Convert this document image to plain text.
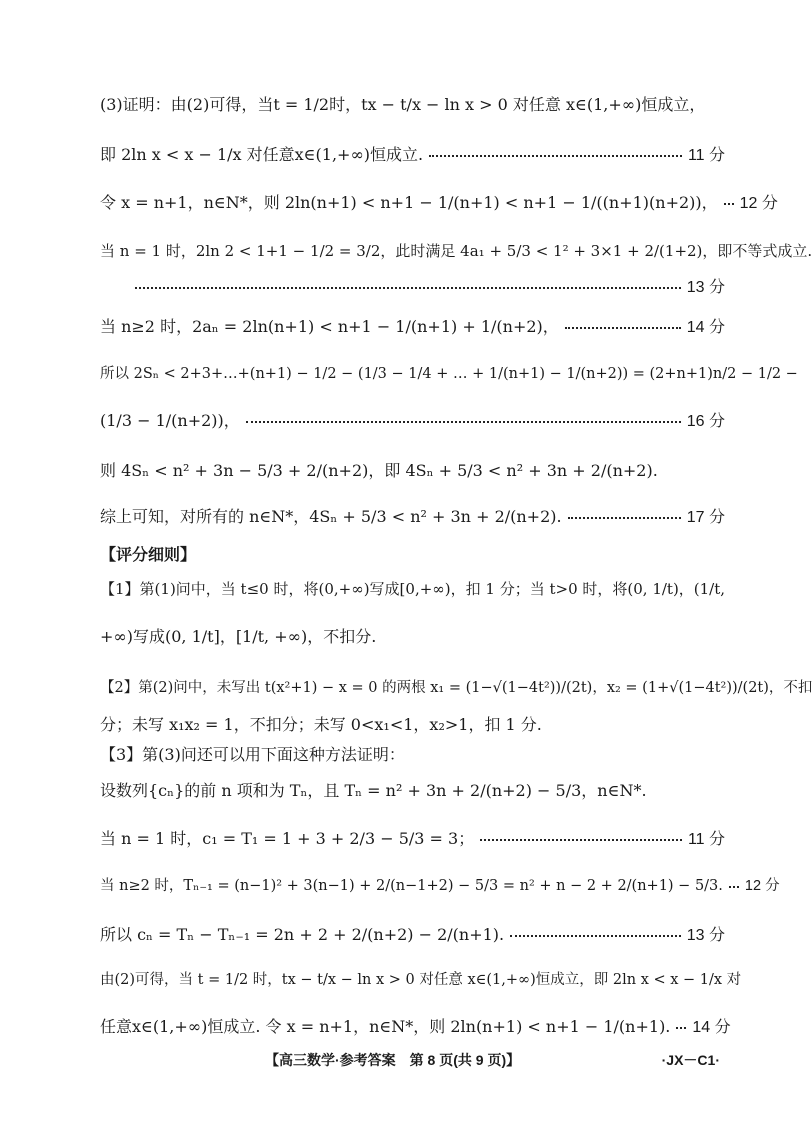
(3)证明：由(2)可得，当t = 1/2时，tx − t/x − ln x > 0 对任意 x∈(1,+∞)恒成立，
即 2ln x < x − 1/x 对任意x∈(1,+∞)恒成立.	11 分
令 x = n+1，n∈N*，则 2ln(n+1) < n+1 − 1/(n+1) < n+1 − 1/((n+1)(n+2))， 12 分
当 n = 1 时，2ln 2 < 1+1 − 1/2 = 3/2，此时满足 4a₁ + 5/3 < 1² + 3×1 + 2/(1+2)，即不等式成立.
13 分
当 n≥2 时，2aₙ = 2ln(n+1) < n+1 − 1/(n+1) + 1/(n+2)，	14 分
所以 2Sₙ < 2+3+…+(n+1) − 1/2 − (1/3 − 1/4 + … + 1/(n+1) − 1/(n+2)) = (2+n+1)n/2 − 1/2 −
(1/3 − 1/(n+2))，	16 分
则 4Sₙ < n² + 3n − 5/3 + 2/(n+2)，即 4Sₙ + 5/3 < n² + 3n + 2/(n+2).
综上可知，对所有的 n∈N*，4Sₙ + 5/3 < n² + 3n + 2/(n+2).	17 分
【评分细则】
【1】第(1)问中，当 t≤0 时，将(0,+∞)写成[0,+∞)，扣 1 分；当 t>0 时，将(0, 1/t)，(1/t,
+∞)写成(0, 1/t]，[1/t, +∞)，不扣分.
【2】第(2)问中，未写出 t(x²+1) − x = 0 的两根 x₁ = (1−√(1−4t²))/(2t)，x₂ = (1+√(1−4t²))/(2t)，不扣
分；未写 x₁x₂ = 1，不扣分；未写 0<x₁<1，x₂>1，扣 1 分.
【3】第(3)问还可以用下面这种方法证明：
设数列{cₙ}的前 n 项和为 Tₙ，且 Tₙ = n² + 3n + 2/(n+2) − 5/3，n∈N*.
当 n = 1 时，c₁ = T₁ = 1 + 3 + 2/3 − 5/3 = 3；	11 分
当 n≥2 时，Tₙ₋₁ = (n−1)² + 3(n−1) + 2/(n−1+2) − 5/3 = n² + n − 2 + 2/(n+1) − 5/3. 12 分
所以 cₙ = Tₙ − Tₙ₋₁ = 2n + 2 + 2/(n+2) − 2/(n+1).	13 分
由(2)可得，当 t = 1/2 时，tx − t/x − ln x > 0 对任意 x∈(1,+∞)恒成立，即 2ln x < x − 1/x 对
任意x∈(1,+∞)恒成立. 令 x = n+1，n∈N*，则 2ln(n+1) < n+1 − 1/(n+1). 14 分
【高三数学·参考答案　第 8 页(共 9 页)】	·JX－C1·
